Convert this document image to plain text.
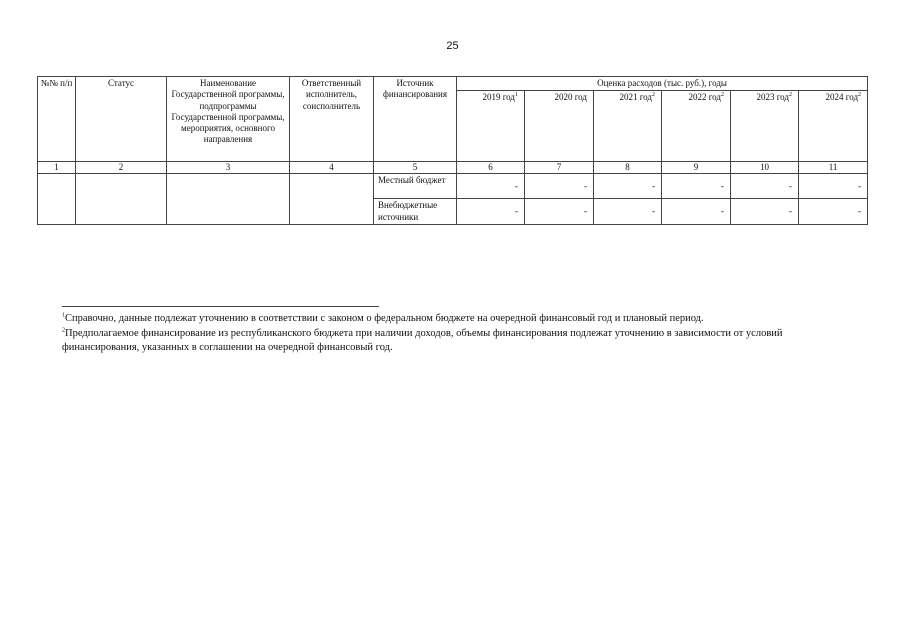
25
№№ п/п	Статус	Наименование Государственной программы, подпрограммы Государственной программы, мероприятия, основного направления	Ответственный исполнитель, соисполнитель	Источник финансирования	Оценка расходов (тыс. руб.), годы					
					2019 год$^1$	2020 год	2021 год$^2$	2022 год$^2$	2023 год$^2$	2024 год$^2$
1	2	3	4	5	6	7	8	9	10	11
				Местный бюджет	-	-	-	-	-	-
				Внебюджетные источники	-	-	-	-	-	-

$^1$Справочно, данные подлежат уточнению в соответствии с законом о федеральном бюджете на очередной финансовый год и плановый период.

$^2$Предполагаемое финансирование из республиканского бюджета при наличии доходов, объемы финансирования подлежат уточнению в зависимости от условий финансирования, указанных в соглашении на очередной финансовый год.
